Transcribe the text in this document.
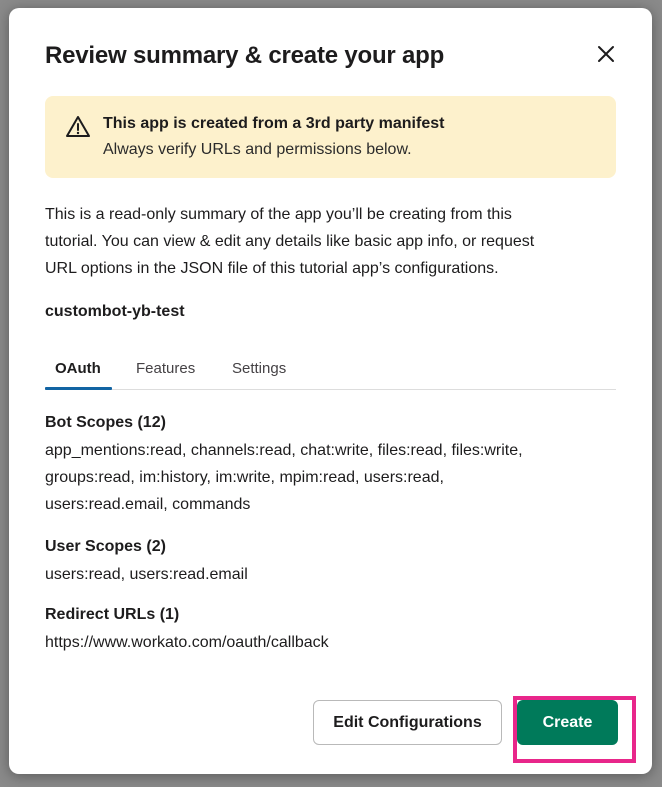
Review summary & create your app
This app is created from a 3rd party manifest
Always verify URLs and permissions below.
This is a read-only summary of the app you’ll be creating from this
tutorial. You can view & edit any details like basic app info, or request
URL options in the JSON file of this tutorial app’s configurations.
custombot-yb-test
OAuth Features Settings
Bot Scopes (12)
app_mentions:read, channels:read, chat:write, files:read, files:write,
groups:read, im:history, im:write, mpim:read, users:read,
users:read.email, commands
User Scopes (2)
users:read, users:read.email
Redirect URLs (1)
https://www.workato.com/oauth/callback
Edit Configurations	Create
